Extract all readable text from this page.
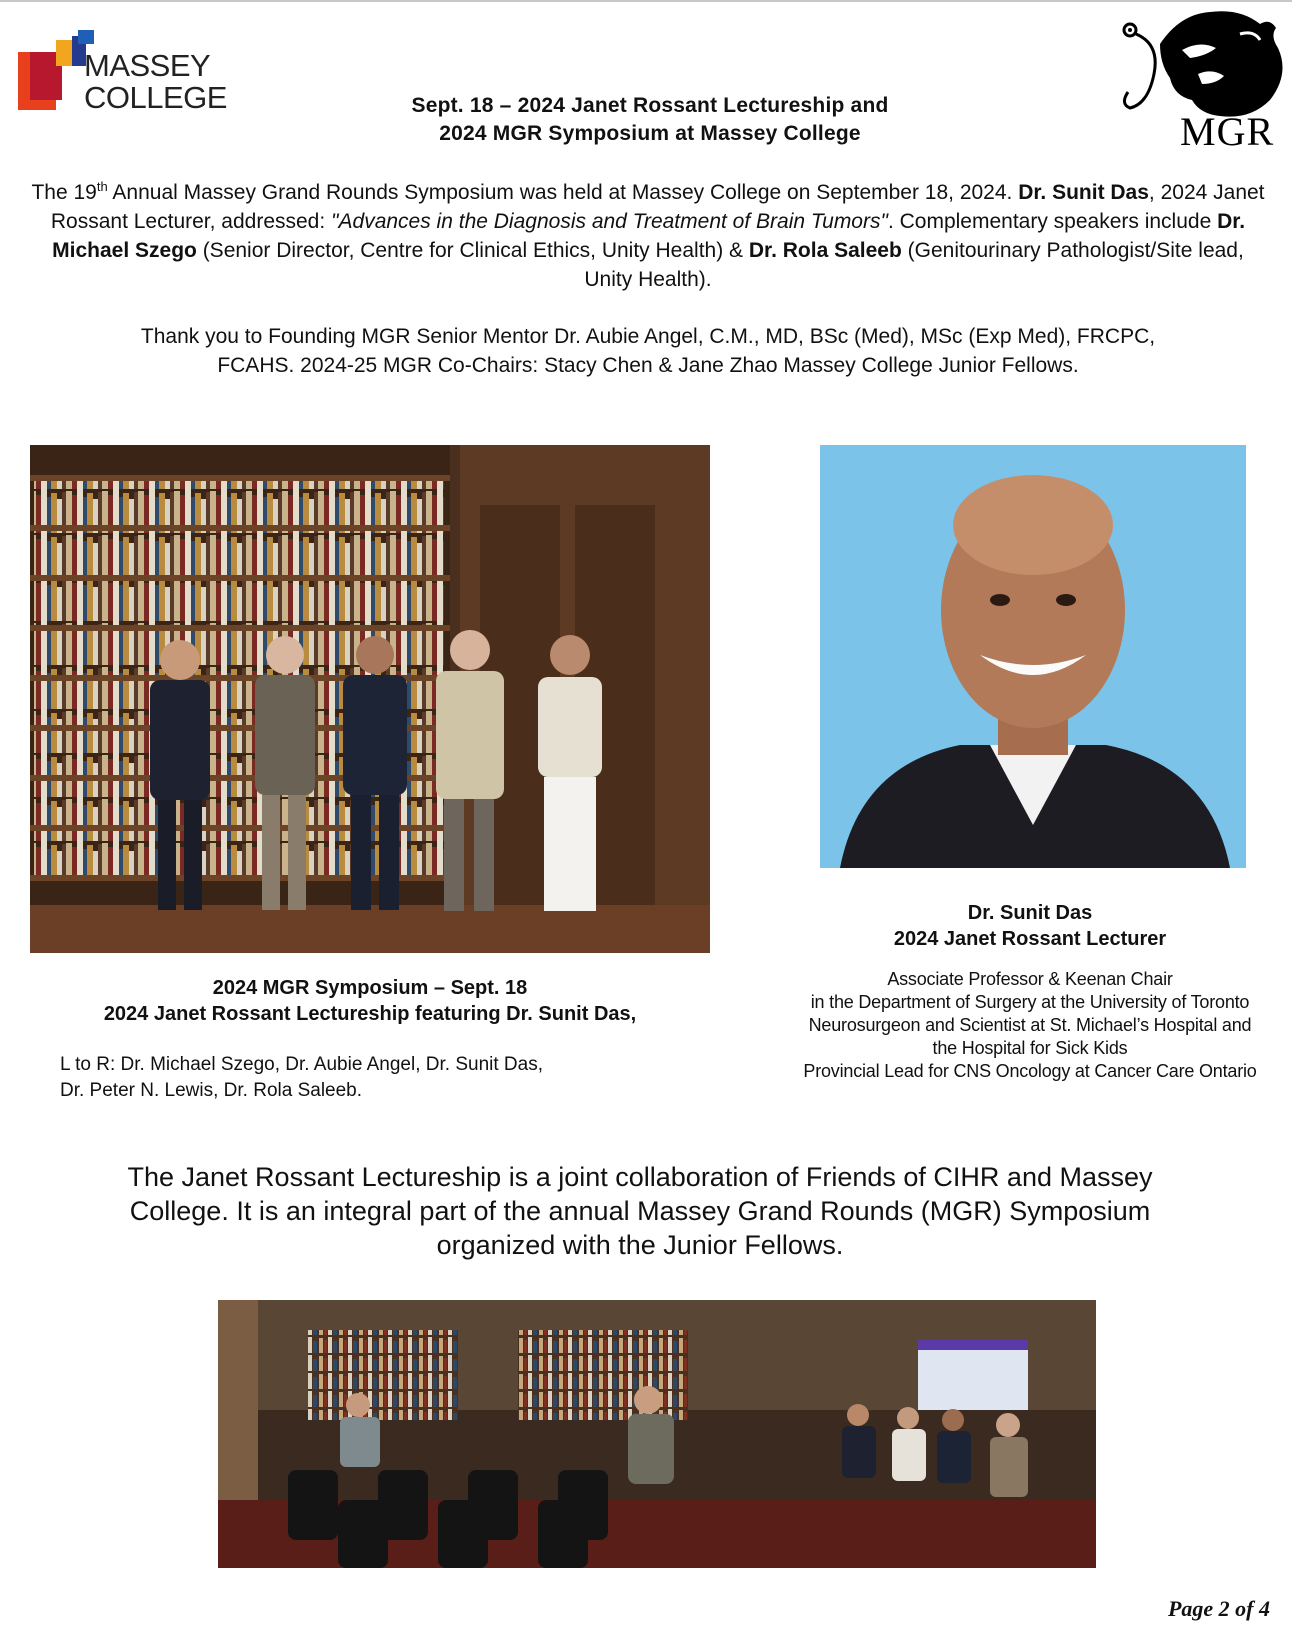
MASSEY
COLLEGE
MGR
Sept. 18 – 2024 Janet Rossant Lectureship and
2024 MGR Symposium at Massey College
The 19th Annual Massey Grand Rounds Symposium was held at Massey College on September 18, 2024. Dr. Sunit Das, 2024 Janet Rossant Lecturer, addressed: "Advances in the Diagnosis and Treatment of Brain Tumors". Complementary speakers include Dr. Michael Szego (Senior Director, Centre for Clinical Ethics, Unity Health) & Dr. Rola Saleeb (Genitourinary Pathologist/Site lead, Unity Health).
Thank you to Founding MGR Senior Mentor Dr. Aubie Angel, C.M., MD, BSc (Med), MSc (Exp Med), FRCPC,
FCAHS. 2024-25 MGR Co-Chairs: Stacy Chen & Jane Zhao Massey College Junior Fellows.
2024 MGR Symposium – Sept. 18
2024 Janet Rossant Lectureship featuring Dr. Sunit Das,
L to R: Dr. Michael Szego, Dr. Aubie Angel, Dr. Sunit Das,
Dr. Peter N. Lewis, Dr. Rola Saleeb.
Dr. Sunit Das
2024 Janet Rossant Lecturer
Associate Professor & Keenan Chair
in the Department of Surgery at the University of Toronto
Neurosurgeon and Scientist at St. Michael’s Hospital and
the Hospital for Sick Kids
Provincial Lead for CNS Oncology at Cancer Care Ontario
The Janet Rossant Lectureship is a joint collaboration of Friends of CIHR and Massey
College. It is an integral part of the annual Massey Grand Rounds (MGR) Symposium
organized with the Junior Fellows.
Page 2 of 4
